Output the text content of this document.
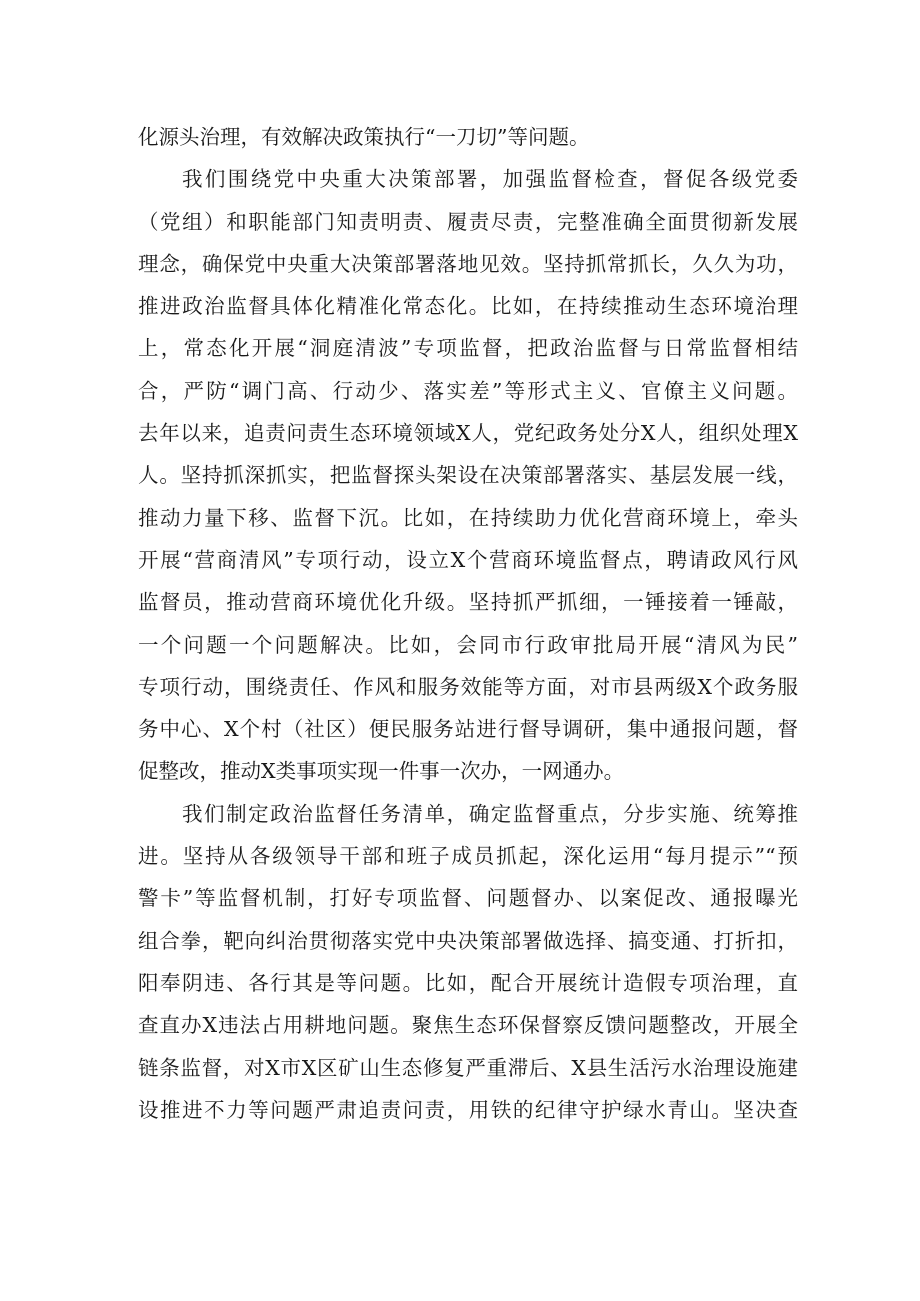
化源头治理，有效解决政策执行“一刀切”等问题。
我们围绕党中央重大决策部署，加强监督检查，督促各级党委
（党组）和职能部门知责明责、履责尽责，完整准确全面贯彻新发展
理念，确保党中央重大决策部署落地见效。坚持抓常抓长，久久为功，
推进政治监督具体化精准化常态化。比如，在持续推动生态环境治理
上，常态化开展“洞庭清波”专项监督，把政治监督与日常监督相结
合，严防“调门高、行动少、落实差”等形式主义、官僚主义问题。
去年以来，追责问责生态环境领域X人，党纪政务处分X人，组织处理X
人。坚持抓深抓实，把监督探头架设在决策部署落实、基层发展一线，
推动力量下移、监督下沉。比如，在持续助力优化营商环境上，牵头
开展“营商清风”专项行动，设立X个营商环境监督点，聘请政风行风
监督员，推动营商环境优化升级。坚持抓严抓细，一锤接着一锤敲，
一个问题一个问题解决。比如，会同市行政审批局开展“清风为民”
专项行动，围绕责任、作风和服务效能等方面，对市县两级X个政务服
务中心、X个村（社区）便民服务站进行督导调研，集中通报问题，督
促整改，推动X类事项实现一件事一次办，一网通办。
我们制定政治监督任务清单，确定监督重点，分步实施、统筹推
进。坚持从各级领导干部和班子成员抓起，深化运用“每月提示”“预
警卡”等监督机制，打好专项监督、问题督办、以案促改、通报曝光
组合拳，靶向纠治贯彻落实党中央决策部署做选择、搞变通、打折扣，
阳奉阴违、各行其是等问题。比如，配合开展统计造假专项治理，直
查直办X违法占用耕地问题。聚焦生态环保督察反馈问题整改，开展全
链条监督，对X市X区矿山生态修复严重滞后、X县生活污水治理设施建
设推进不力等问题严肃追责问责，用铁的纪律守护绿水青山。坚决查
